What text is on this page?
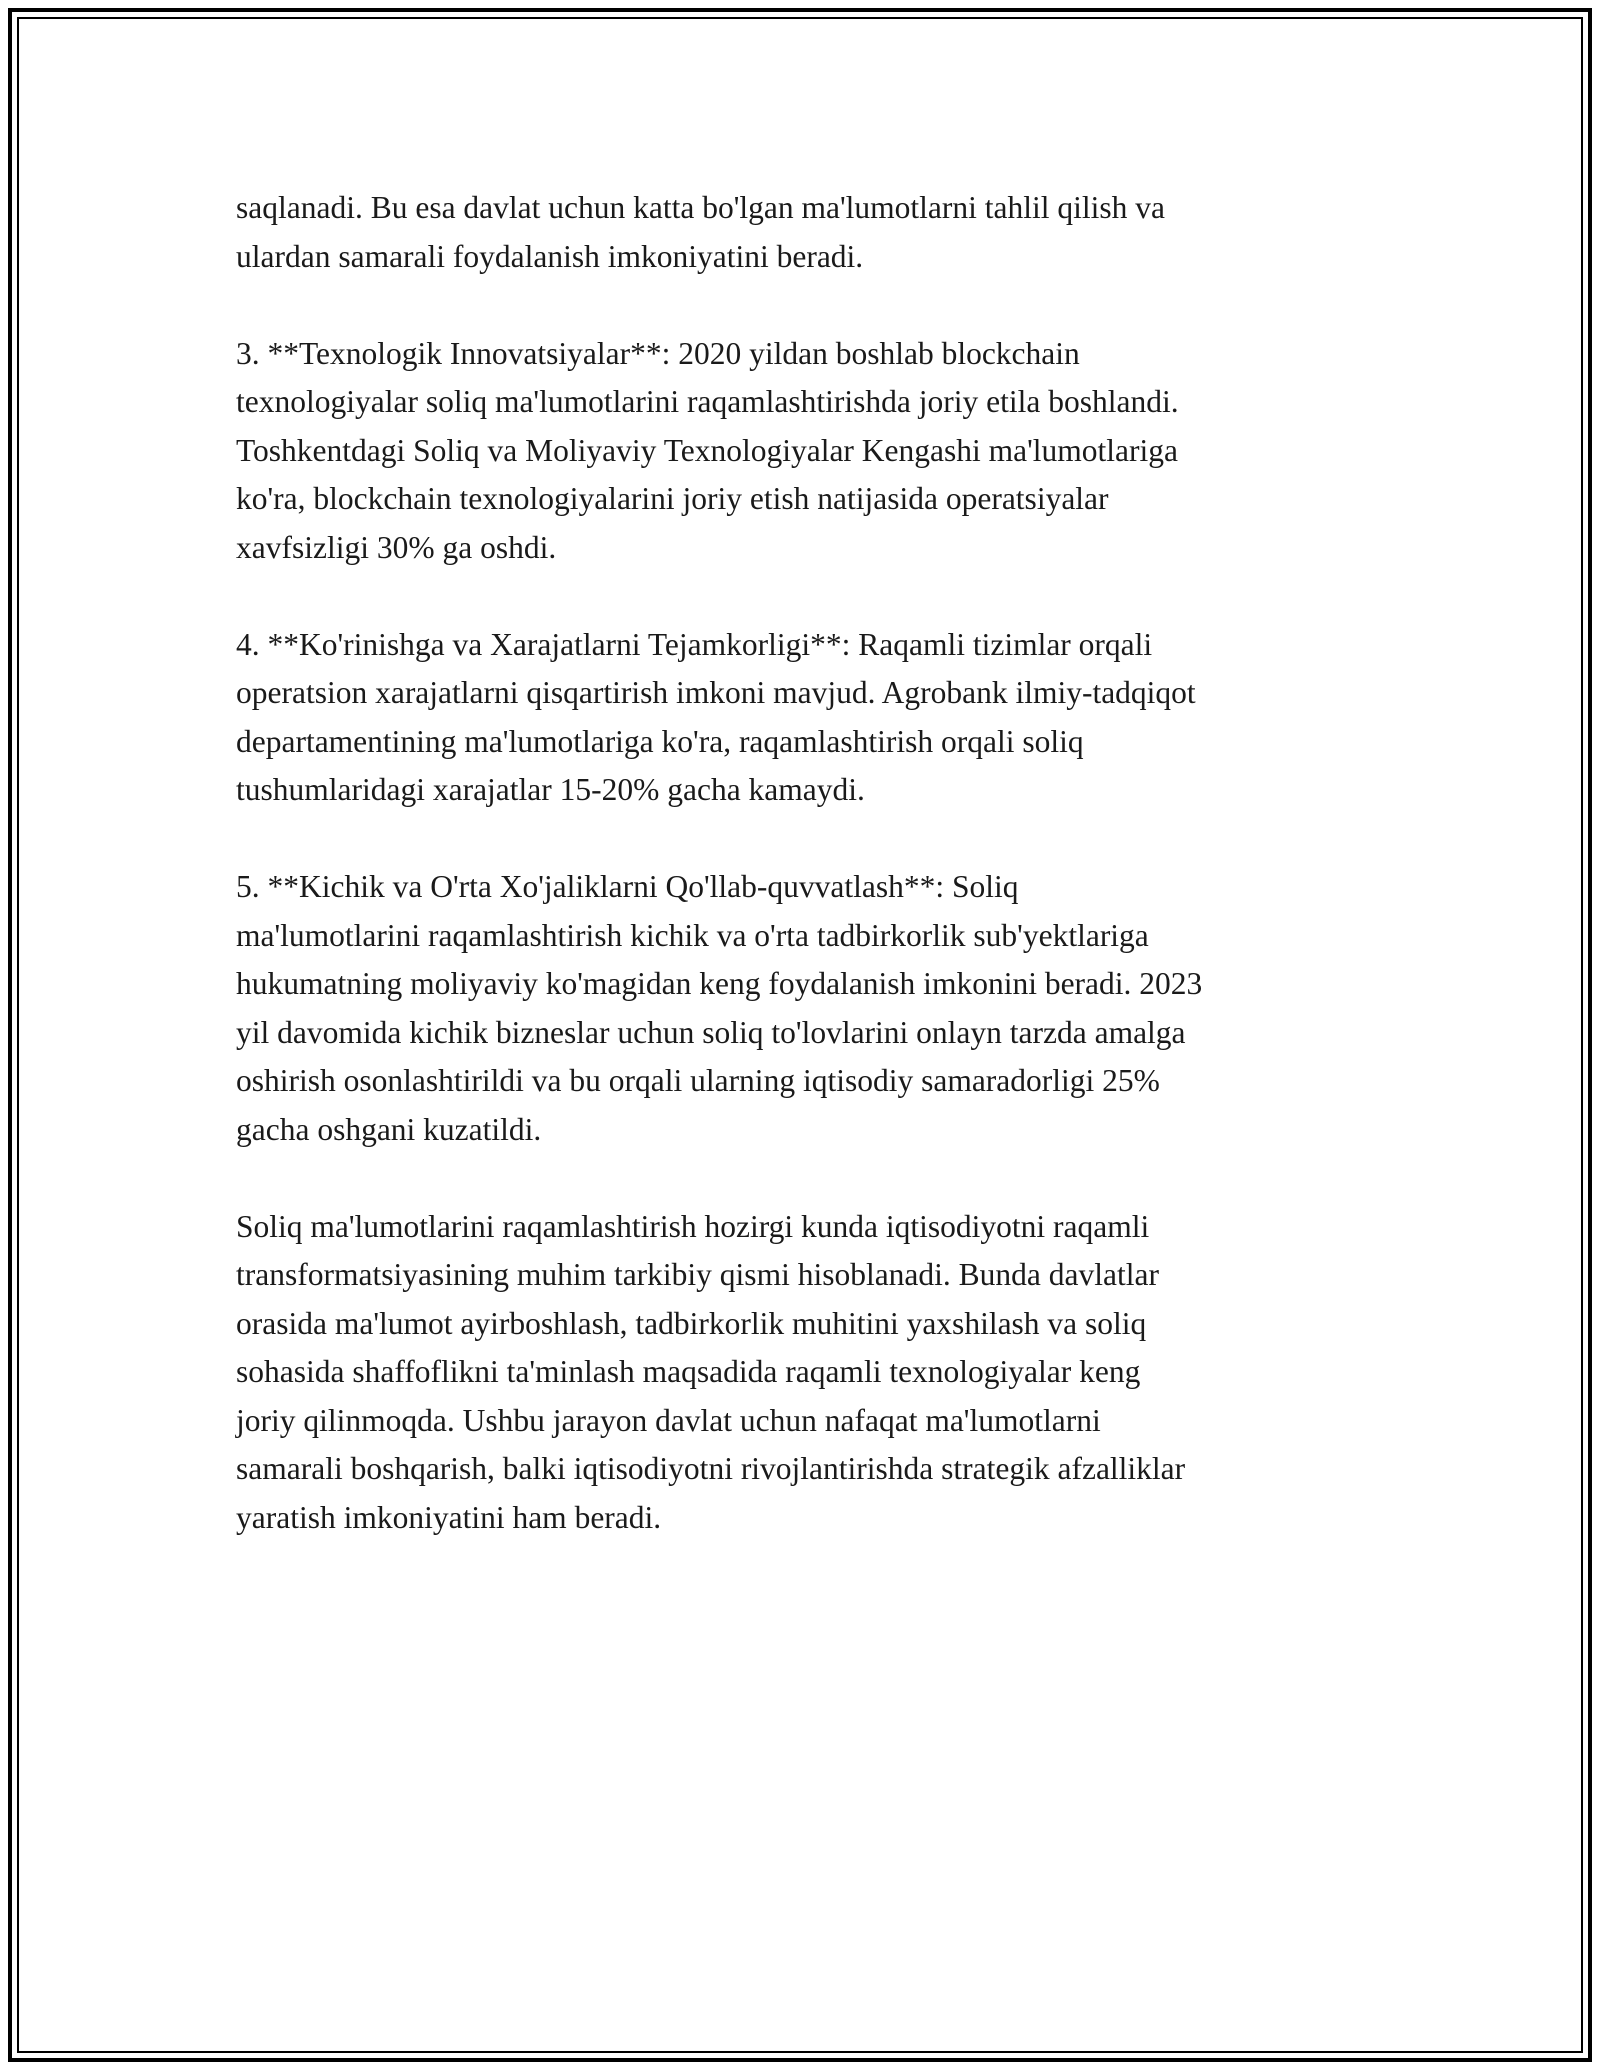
saqlanadi. Bu esa davlat uchun katta bo'lgan ma'lumotlarni tahlil qilish va
ulardan samarali foydalanish imkoniyatini beradi.

3. **Texnologik Innovatsiyalar**: 2020 yildan boshlab blockchain
texnologiyalar soliq ma'lumotlarini raqamlashtirishda joriy etila boshlandi.
Toshkentdagi Soliq va Moliyaviy Texnologiyalar Kengashi ma'lumotlariga
ko'ra, blockchain texnologiyalarini joriy etish natijasida operatsiyalar
xavfsizligi 30% ga oshdi.

4. **Ko'rinishga va Xarajatlarni Tejamkorligi**: Raqamli tizimlar orqali
operatsion xarajatlarni qisqartirish imkoni mavjud. Agrobank ilmiy-tadqiqot
departamentining ma'lumotlariga ko'ra, raqamlashtirish orqali soliq
tushumlaridagi xarajatlar 15-20% gacha kamaydi.

5. **Kichik va O'rta Xo'jaliklarni Qo'llab-quvvatlash**: Soliq
ma'lumotlarini raqamlashtirish kichik va o'rta tadbirkorlik sub'yektlariga
hukumatning moliyaviy ko'magidan keng foydalanish imkonini beradi. 2023
yil davomida kichik bizneslar uchun soliq to'lovlarini onlayn tarzda amalga
oshirish osonlashtirildi va bu orqali ularning iqtisodiy samaradorligi 25%
gacha oshgani kuzatildi.

Soliq ma'lumotlarini raqamlashtirish hozirgi kunda iqtisodiyotni raqamli
transformatsiyasining muhim tarkibiy qismi hisoblanadi. Bunda davlatlar
orasida ma'lumot ayirboshlash, tadbirkorlik muhitini yaxshilash va soliq
sohasida shaffoflikni ta'minlash maqsadida raqamli texnologiyalar keng
joriy qilinmoqda. Ushbu jarayon davlat uchun nafaqat ma'lumotlarni
samarali boshqarish, balki iqtisodiyotni rivojlantirishda strategik afzalliklar
yaratish imkoniyatini ham beradi.
